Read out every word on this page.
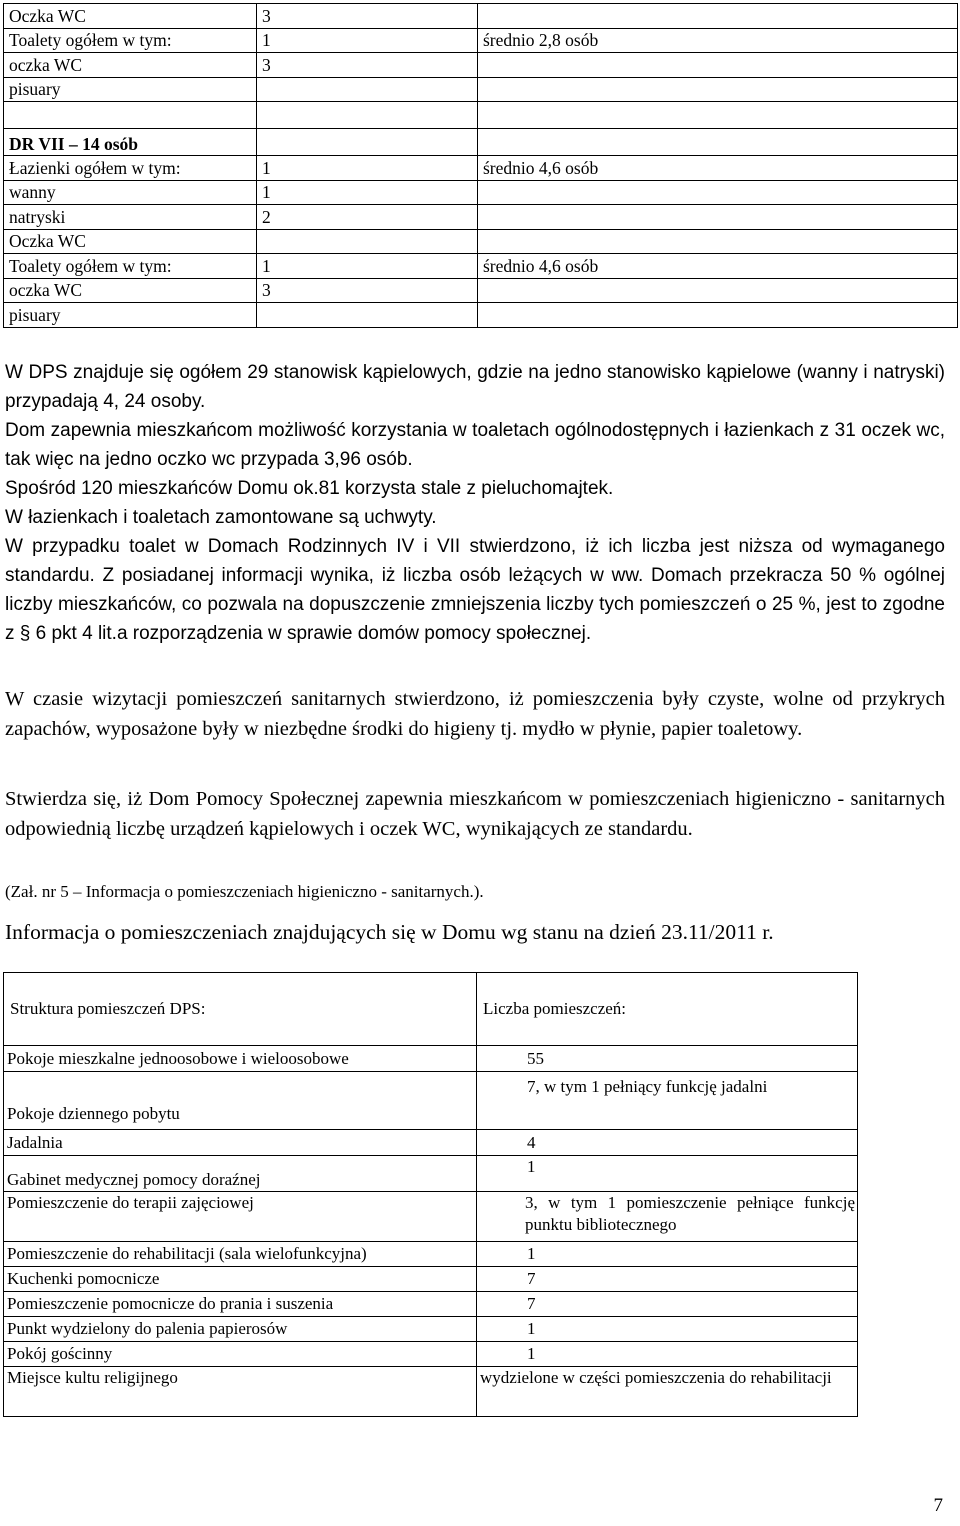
Oczka WC	3	
Toalety ogółem w tym:	1	średnio 2,8 osób
oczka WC	3	
pisuary		

DR VII – 14 osób		
Łazienki ogółem w tym:	1	średnio 4,6 osób
wanny	1	
natryski	2	
Oczka WC		
Toalety ogółem w tym:	1	średnio 4,6 osób
oczka WC	3	
pisuary		

W DPS znajduje się ogółem 29 stanowisk kąpielowych, gdzie na jedno stanowisko kąpielowe (wanny i natryski) przypadają 4, 24 osoby.

Dom zapewnia mieszkańcom możliwość korzystania w toaletach ogólnodostępnych i łazienkach z 31 oczek wc, tak więc na jedno oczko wc przypada 3,96 osób.

Spośród 120 mieszkańców Domu ok.81 korzysta stale z pieluchomajtek.

W łazienkach i toaletach zamontowane są uchwyty.

W przypadku toalet w Domach Rodzinnych IV i VII stwierdzono, iż ich liczba jest niższa od wymaganego standardu. Z posiadanej informacji wynika, iż liczba osób leżących w ww. Domach przekracza 50 % ogólnej liczby mieszkańców, co pozwala na dopuszczenie zmniejszenia liczby tych pomieszczeń o 25 %, jest to zgodne z § 6 pkt 4 lit.a rozporządzenia w sprawie domów pomocy społecznej.

W czasie wizytacji pomieszczeń sanitarnych stwierdzono, iż pomieszczenia były czyste, wolne od przykrych zapachów, wyposażone były w niezbędne środki do higieny tj. mydło w płynie, papier toaletowy.

Stwierdza się, iż Dom Pomocy Społecznej zapewnia mieszkańcom w pomieszczeniach higieniczno - sanitarnych odpowiednią liczbę urządzeń kąpielowych i oczek WC, wynikających ze standardu.

(Zał. nr 5 – Informacja o pomieszczeniach higieniczno - sanitarnych.).

Informacja o pomieszczeniach znajdujących się w Domu wg stanu na dzień 23.11/2011 r.

Struktura pomieszczeń DPS:	Liczba pomieszczeń:
Pokoje mieszkalne jednoosobowe i wieloosobowe	55
Pokoje dziennego pobytu	7, w tym 1 pełniący funkcję jadalni
Jadalnia	4
Gabinet medycznej pomocy doraźnej	1
Pomieszczenie do terapii zajęciowej	3, w tym 1 pomieszczenie pełniące funkcję punktu bibliotecznego
Pomieszczenie do rehabilitacji (sala wielofunkcyjna)	1
Kuchenki pomocnicze	7
Pomieszczenie pomocnicze do prania i suszenia	7
Punkt wydzielony do palenia papierosów	1
Pokój gościnny	1
Miejsce kultu religijnego	wydzielone w części pomieszczenia do rehabilitacji

7
